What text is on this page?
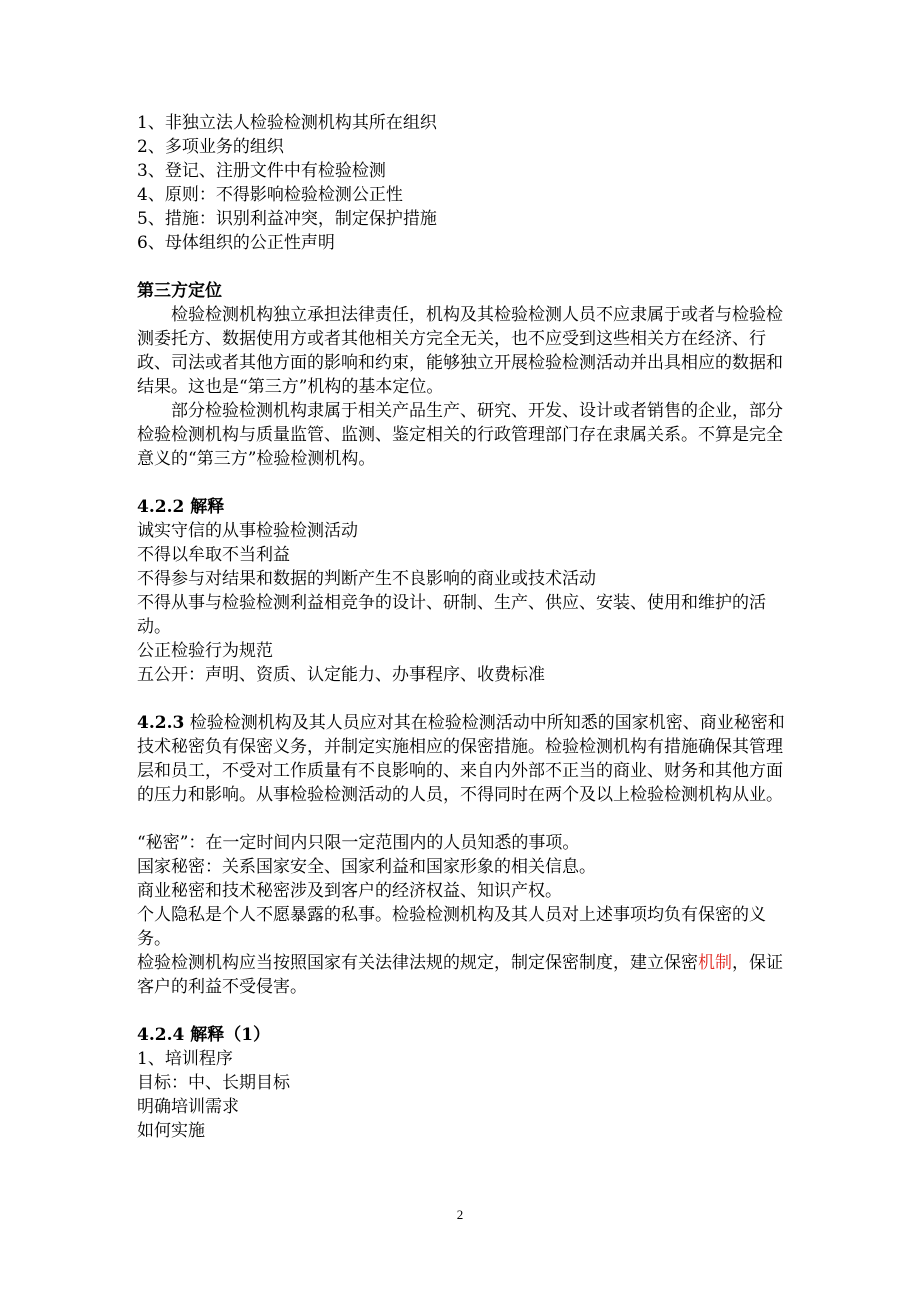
1、非独立法人检验检测机构其所在组织
2、多项业务的组织
3、登记、注册文件中有检验检测
4、原则：不得影响检验检测公正性
5、措施：识别利益冲突，制定保护措施
6、母体组织的公正性声明
第三方定位
检验检测机构独立承担法律责任，机构及其检验检测人员不应隶属于或者与检验检测委托方、数据使用方或者其他相关方完全无关，也不应受到这些相关方在经济、行政、司法或者其他方面的影响和约束，能够独立开展检验检测活动并出具相应的数据和结果。这也是“第三方”机构的基本定位。
部分检验检测机构隶属于相关产品生产、研究、开发、设计或者销售的企业，部分检验检测机构与质量监管、监测、鉴定相关的行政管理部门存在隶属关系。不算是完全意义的“第三方”检验检测机构。
4.2.2 解释
诚实守信的从事检验检测活动
不得以牟取不当利益
不得参与对结果和数据的判断产生不良影响的商业或技术活动
不得从事与检验检测利益相竞争的设计、研制、生产、供应、安装、使用和维护的活动。
公正检验行为规范
五公开：声明、资质、认定能力、办事程序、收费标准
4.2.3 检验检测机构及其人员应对其在检验检测活动中所知悉的国家机密、商业秘密和技术秘密负有保密义务，并制定实施相应的保密措施。检验检测机构有措施确保其管理层和员工，不受对工作质量有不良影响的、来自内外部不正当的商业、财务和其他方面的压力和影响。从事检验检测活动的人员，不得同时在两个及以上检验检测机构从业。
“秘密”：在一定时间内只限一定范围内的人员知悉的事项。
国家秘密：关系国家安全、国家利益和国家形象的相关信息。
商业秘密和技术秘密涉及到客户的经济权益、知识产权。
个人隐私是个人不愿暴露的私事。检验检测机构及其人员对上述事项均负有保密的义务。
检验检测机构应当按照国家有关法律法规的规定，制定保密制度，建立保密机制，保证客户的利益不受侵害。
4.2.4 解释（1）
1、培训程序
目标：中、长期目标
明确培训需求
如何实施
2
